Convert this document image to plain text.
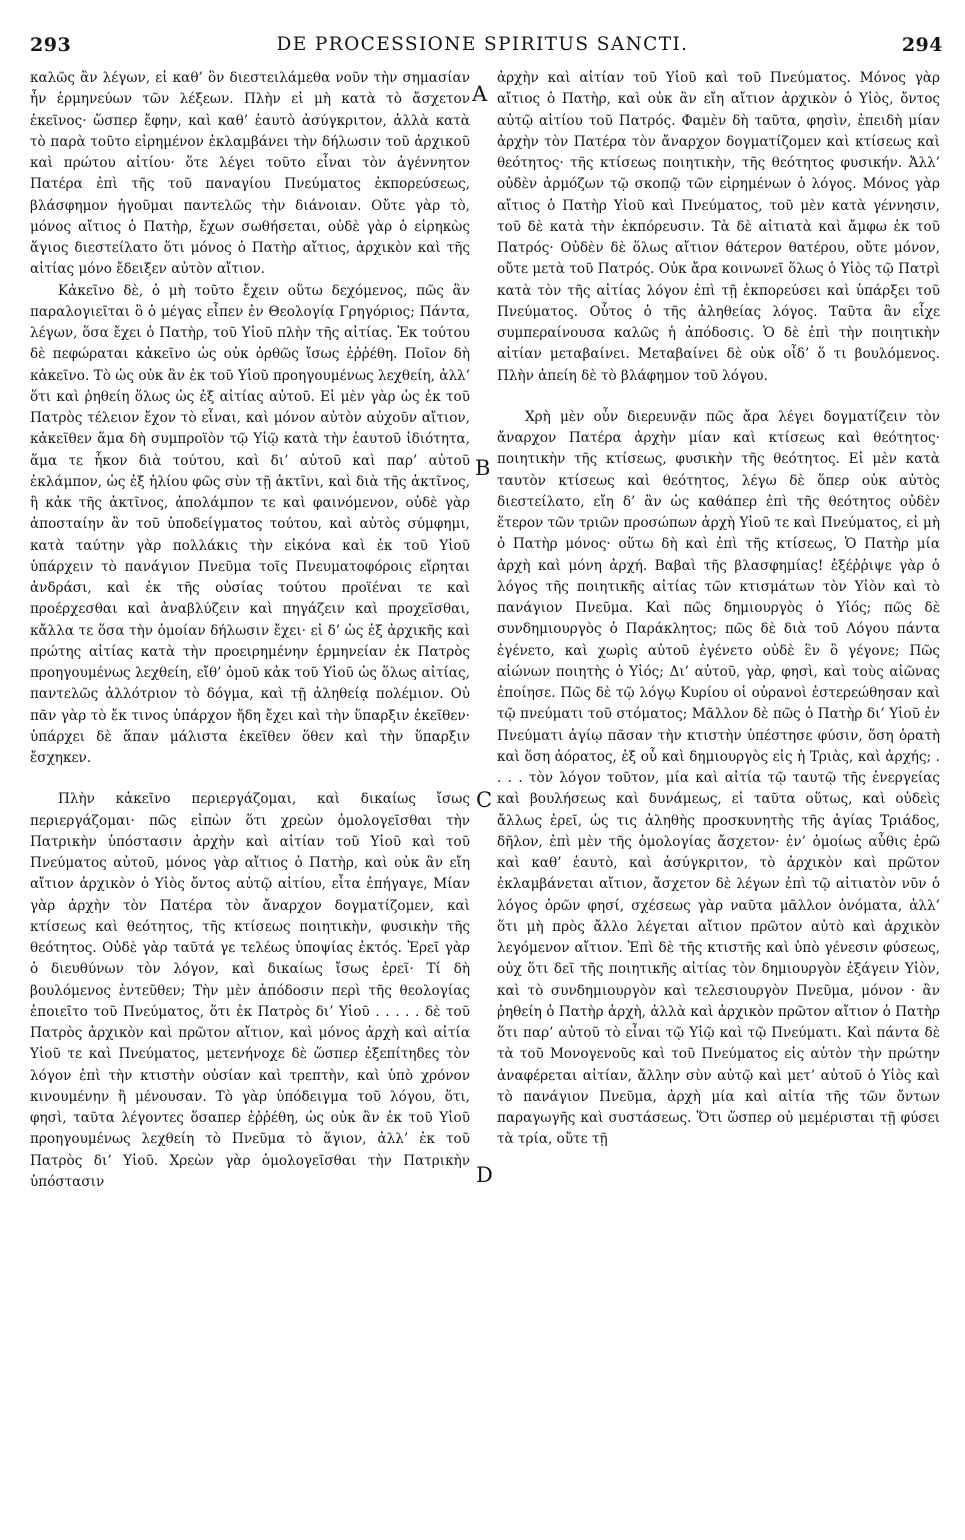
293	DE PROCESSIONE SPIRITUS SANCTI.	294

καλῶς ἂν λέγων, εἰ καθ’ ὃν διεστειλάμεθα νοῦν τὴν σημασίαν ἦν ἑρμηνεύων τῶν λέξεων. Πλὴν εἰ μὴ κατὰ τὸ ἄσχετον ἐκεῖνος· ὥσπερ ἔφην, καὶ καθ’ ἑαυτὸ ἀσύγκριτον, ἀλλὰ κατὰ τὸ παρὰ τοῦτο εἰρημένον ἐκλαμβάνει τὴν δήλωσιν τοῦ ἀρχικοῦ καὶ πρώτου αἰτίου· ὅτε λέγει τοῦτο εἶναι τὸν ἀγέννητον Πατέρα ἐπὶ τῆς τοῦ παναγίου Πνεύματος ἐκπορεύσεως, βλάσφημον ἡγοῦμαι παντελῶς τὴν διάνοιαν. Οὔτε γὰρ τὸ, μόνος αἴτιος ὁ Πατὴρ, ἔχων σωθήσεται, οὐδὲ γὰρ ὁ εἰρηκὼς ἅγιος διεστείλατο ὅτι μόνος ὁ Πατὴρ αἴτιος, ἀρχικὸν καὶ τῆς αἰτίας μόνο ἔδειξεν αὐτὸν αἴτιον.

Κἀκεῖνο δὲ, ὁ μὴ τοῦτο ἔχειν οὕτω δεχόμενος, πῶς ἂν παραλογιεῖται ὃ ὁ μέγας εἶπεν ἐν Θεολογίᾳ Γρηγόριος; Πάντα, λέγων, ὅσα ἔχει ὁ Πατὴρ, τοῦ Υἱοῦ πλὴν τῆς αἰτίας. Ἐκ τούτου δὲ πεφώραται κἀκεῖνο ὡς οὐκ ὀρθῶς ἴσως ἐῤῥέθη. Ποῖον δὴ κἀκεῖνο. Τὸ ὡς οὐκ ἂν ἐκ τοῦ Υἱοῦ προηγουμένως λεχθείη, ἀλλ’ ὅτι καὶ ῥηθείη ὅλως ὡς ἐξ αἰτίας αὐτοῦ. Εἰ μὲν γὰρ ὡς ἐκ τοῦ Πατρὸς τέλειον ἔχον τὸ εἶναι, καὶ μόνον αὐτὸν αὐχοῦν αἴτιον, κἀκεῖθεν ἅμα δὴ συμπροϊὸν τῷ Υἱῷ κατὰ τὴν ἑαυτοῦ ἰδιότητα, ἅμα τε ἧκον διὰ τούτου, καὶ δι’ αὐτοῦ καὶ παρ’ αὐτοῦ ἐκλάμπον, ὡς ἐξ ἡλίου φῶς σὺν τῇ ἀκτῖνι, καὶ διὰ τῆς ἀκτῖνος, ἢ κἀκ τῆς ἀκτῖνος, ἀπολάμπον τε καὶ φαινόμενον, οὐδὲ γὰρ ἀποσταίην ἂν τοῦ ὑποδείγματος τούτου, καὶ αὐτὸς σύμφημι, κατὰ ταύτην γὰρ πολλάκις τὴν εἰκόνα καὶ ἐκ τοῦ Υἱοῦ ὑπάρχειν τὸ πανάγιον Πνεῦμα τοῖς Πνευματοφόροις εἴρηται ἀνδράσι, καὶ ἐκ τῆς οὐσίας τούτου προϊέναι τε καὶ προέρχεσθαι καὶ ἀναβλύζειν καὶ πηγάζειν καὶ προχεῖσθαι, κἄλλα τε ὅσα τὴν ὁμοίαν δήλωσιν ἔχει· εἰ δ’ ὡς ἐξ ἀρχικῆς καὶ πρώτης αἰτίας κατὰ τὴν προειρημένην ἑρμηνείαν ἐκ Πατρὸς προηγουμένως λεχθείη, εἴθ’ ὁμοῦ κἀκ τοῦ Υἱοῦ ὡς ὅλως αἰτίας, παντελῶς ἀλλότριον τὸ δόγμα, καὶ τῇ ἀληθείᾳ πολέμιον. Οὐ πᾶν γὰρ τὸ ἔκ τινος ὑπάρχον ἤδη ἔχει καὶ τὴν ὕπαρξιν ἐκεῖθεν· ὑπάρχει δὲ ἅπαν μάλιστα ἐκεῖθεν ὅθεν καὶ τὴν ὕπαρξιν ἔσχηκεν.

Πλὴν κἀκεῖνο περιεργάζομαι, καὶ δικαίως ἴσως περιεργάζομαι· πῶς εἰπὼν ὅτι χρεὼν ὁμολογεῖσθαι τὴν Πατρικὴν ὑπόστασιν ἀρχὴν καὶ αἰτίαν τοῦ Υἱοῦ καὶ τοῦ Πνεύματος αὐτοῦ, μόνος γὰρ αἴτιος ὁ Πατὴρ, καὶ οὐκ ἂν εἴη αἴτιον ἀρχικὸν ὁ Υἱὸς ὄντος αὐτῷ αἰτίου, εἶτα ἐπήγαγε, Μίαν γὰρ ἀρχὴν τὸν Πατέρα τὸν ἄναρχον δογματίζομεν, καὶ κτίσεως καὶ θεότητος, τῆς κτίσεως ποιητικὴν, φυσικὴν τῆς θεότητος. Οὐδὲ γὰρ ταῦτά γε τελέως ὑποψίας ἐκτός. Ἐρεῖ γὰρ ὁ διευθύνων τὸν λόγον, καὶ δικαίως ἴσως ἐρεῖ· Τί δὴ βουλόμενος ἐντεῦθεν; Τὴν μὲν ἀπόδοσιν περὶ τῆς θεολογίας ἐποιεῖτο τοῦ Πνεύματος, ὅτι ἐκ Πατρὸς δι’ Υἱοῦ . . . . . δὲ τοῦ Πατρὸς ἀρχικὸν καὶ πρῶτον αἴτιον, καὶ μόνος ἀρχὴ καὶ αἰτία Υἱοῦ τε καὶ Πνεύματος, μετενήνοχε δὲ ὥσπερ ἐξεπίτηδες τὸν λόγον ἐπὶ τὴν κτιστὴν οὐσίαν καὶ τρεπτὴν, καὶ ὑπὸ χρόνον κινουμένην ἢ μένουσαν. Τὸ γὰρ ὑπόδειγμα τοῦ λόγου, ὅτι, φησὶ, ταῦτα λέγοντες ὅσαπερ ἐῤῥέθη, ὡς οὐκ ἂν ἐκ τοῦ Υἱοῦ προηγουμένως λεχθείη τὸ Πνεῦμα τὸ ἅγιον, ἀλλ’ ἐκ τοῦ Πατρὸς δι’ Υἱοῦ. Χρεὼν γὰρ ὁμολογεῖσθαι τὴν Πατρικὴν ὑπόστασιν

ἀρχὴν καὶ αἰτίαν τοῦ Υἱοῦ καὶ τοῦ Πνεύματος. Μόνος γὰρ αἴτιος ὁ Πατὴρ, καὶ οὐκ ἂν εἴη αἴτιον ἀρχικὸν ὁ Υἱὸς, ὄντος αὐτῷ αἰτίου τοῦ Πατρός. Φαμὲν δὴ ταῦτα, φησὶν, ἐπειδὴ μίαν ἀρχὴν τὸν Πατέρα τὸν ἄναρχον δογματίζομεν καὶ κτίσεως καὶ θεότητος· τῆς κτίσεως ποιητικὴν, τῆς θεότητος φυσικήν. Ἀλλ’ οὐδὲν ἁρμόζων τῷ σκοπῷ τῶν εἰρημένων ὁ λόγος. Μόνος γὰρ αἴτιος ὁ Πατὴρ Υἱοῦ καὶ Πνεύματος, τοῦ μὲν κατὰ γέννησιν, τοῦ δὲ κατὰ τὴν ἐκπόρευσιν. Τὰ δὲ αἰτιατὰ καὶ ἄμφω ἐκ τοῦ Πατρός· Οὐδὲν δὲ ὅλως αἴτιον θάτερον θατέρου, οὔτε μόνον, οὔτε μετὰ τοῦ Πατρός. Οὐκ ἄρα κοινωνεῖ ὅλως ὁ Υἱὸς τῷ Πατρὶ κατὰ τὸν τῆς αἰτίας λόγον ἐπὶ τῇ ἐκπορεύσει καὶ ὑπάρξει τοῦ Πνεύματος. Οὗτος ὁ τῆς ἀληθείας λόγος. Ταῦτα ἂν εἶχε συμπεραίνουσα καλῶς ἡ ἀπόδοσις. Ὁ δὲ ἐπὶ τὴν ποιητικὴν αἰτίαν μεταβαίνει. Μεταβαίνει δὲ οὐκ οἶδ’ ὅ τι βουλόμενος. Πλὴν ἀπείη δὲ τὸ βλάφημον τοῦ λόγου.

Χρὴ μὲν οὖν διερευνᾷν πῶς ἄρα λέγει δογματίζειν τὸν ἄναρχον Πατέρα ἀρχὴν μίαν καὶ κτίσεως καὶ θεότητος· ποιητικὴν τῆς κτίσεως, φυσικὴν τῆς θεότητος. Εἰ μὲν κατὰ ταυτὸν κτίσεως καὶ θεότητος, λέγω δὲ ὅπερ οὐκ αὐτὸς διεστείλατο, εἴη δ’ ἂν ὡς καθάπερ ἐπὶ τῆς θεότητος οὐδὲν ἕτερον τῶν τριῶν προσώπων ἀρχὴ Υἱοῦ τε καὶ Πνεύματος, εἰ μὴ ὁ Πατὴρ μόνος· οὕτω δὴ καὶ ἐπὶ τῆς κτίσεως, Ὁ Πατὴρ μία ἀρχὴ καὶ μόνη ἀρχή. Βαβαὶ τῆς βλασφημίας! ἐξέῤῥιψε γὰρ ὁ λόγος τῆς ποιητικῆς αἰτίας τῶν κτισμάτων τὸν Υἱὸν καὶ τὸ πανάγιον Πνεῦμα. Καὶ πῶς δημιουργὸς ὁ Υἱός; πῶς δὲ συνδημιουργὸς ὁ Παράκλητος; πῶς δὲ διὰ τοῦ Λόγου πάντα ἐγένετο, καὶ χωρὶς αὐτοῦ ἐγένετο οὐδὲ ἓν ὃ γέγονε; Πῶς αἰώνων ποιητὴς ὁ Υἱός; Δι’ αὐτοῦ, γὰρ, φησὶ, καὶ τοὺς αἰῶνας ἐποίησε. Πῶς δὲ τῷ λόγῳ Κυρίου οἱ οὐρανοὶ ἐστερεώθησαν καὶ τῷ πνεύματι τοῦ στόματος; Μᾶλλον δὲ πῶς ὁ Πατὴρ δι’ Υἱοῦ ἐν Πνεύματι ἁγίῳ πᾶσαν τὴν κτιστὴν ὑπέστησε φύσιν, ὅση ὁρατὴ καὶ ὅση ἀόρατος, ἐξ οὗ καὶ δημιουργὸς εἰς ἡ Τριὰς, καὶ ἀρχής; . . . . τὸν λόγον τοῦτον, μία καὶ αἰτία τῷ ταυτῷ τῆς ἐνεργείας καὶ βουλήσεως καὶ δυνάμεως, εἰ ταῦτα οὕτως, καὶ οὐδεὶς ἄλλως ἐρεῖ, ὡς τις ἀληθὴς προσκυνητὴς τῆς ἁγίας Τριάδος, δῆλον, ἐπὶ μὲν τῆς ὁμολογίας ἄσχετον· ἐν’ ὁμοίως αὖθις ἐρῶ καὶ καθ’ ἑαυτὸ, καὶ ἀσύγκριτον, τὸ ἀρχικὸν καὶ πρῶτον ἐκλαμβάνεται αἴτιον, ἄσχετον δὲ λέγων ἐπὶ τῷ αἰτιατὸν νῦν ὁ λόγος ὁρῶν φησί, σχέσεως γὰρ ναῦτα μᾶλλον ὀνόματα, ἀλλ’ ὅτι μὴ πρὸς ἄλλο λέγεται αἴτιον πρῶτον αὐτὸ καὶ ἀρχικὸν λεγόμενον αἴτιον. Ἐπὶ δὲ τῆς κτιστῆς καὶ ὑπὸ γένεσιν φύσεως, οὐχ ὅτι δεῖ τῆς ποιητικῆς αἰτίας τὸν δημιουργὸν ἐξάγειν Υἱὸν, καὶ τὸ συνδημιουργὸν καὶ τελεσιουργὸν Πνεῦμα, μόνον · ἂν ῥηθείη ὁ Πατὴρ ἀρχὴ, ἀλλὰ καὶ ἀρχικὸν πρῶτον αἴτιον ὁ Πατὴρ ὅτι παρ’ αὐτοῦ τὸ εἶναι τῷ Υἱῷ καὶ τῷ Πνεύματι. Καὶ πάντα δὲ τὰ τοῦ Μονογενοῦς καὶ τοῦ Πνεύματος εἰς αὐτὸν τὴν πρώτην ἀναφέρεται αἰτίαν, ἄλλην σὺν αὐτῷ καὶ μετ’ αὐτοῦ ὁ Υἱὸς καὶ τὸ πανάγιον Πνεῦμα, ἀρχὴ μία καὶ αἰτία τῆς τῶν ὄντων παραγωγῆς καὶ συστάσεως. Ὅτι ὥσπερ οὐ μεμέρισται τῇ φύσει τὰ τρία, οὔτε τῇ

A
B
C
D
